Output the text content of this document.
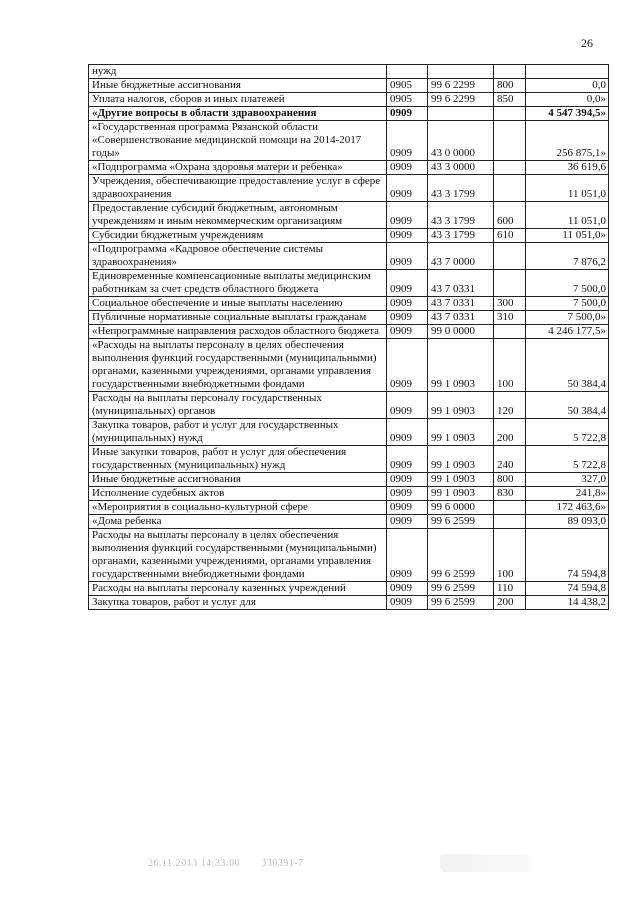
26
нужд				
Иные бюджетные ассигнования	0905	99 6 2299	800	0,0
Уплата налогов, сборов и иных платежей	0905	99 6 2299	850	0,0»
«Другие вопросы в области здравоохранения	0909			4 547 394,5»
«Государственная программа Рязанской области «Совершенствование медицинской помощи на 2014-2017 годы»	0909	43 0 0000		256 875,1»
«Подпрограмма «Охрана здоровья матери и ребенка»	0909	43 3 0000		36 619,6
Учреждения, обеспечивающие предоставление услуг в сфере здравоохранения	0909	43 3 1799		11 051,0
Предоставление субсидий бюджетным, автономным учреждениям и иным некоммерческим организациям	0909	43 3 1799	600	11 051,0
Субсидии бюджетным учреждениям	0909	43 3 1799	610	11 051,0»
«Подпрограмма «Кадровое обеспечение системы здравоохранения»	0909	43 7 0000		7 876,2
Единовременные компенсационные выплаты медицинским работникам за счет средств областного бюджета	0909	43 7 0331		7 500,0
Социальное обеспечение и иные выплаты населению	0909	43 7 0331	300	7 500,0
Публичные нормативные социальные выплаты гражданам	0909	43 7 0331	310	7 500,0»
«Непрограммные направления расходов областного бюджета	0909	99 0 0000		4 246 177,5»
«Расходы на выплаты персоналу в целях обеспечения выполнения функций государственными (муниципальными) органами, казенными учреждениями, органами управления государственными внебюджетными фондами	0909	99 1 0903	100	50 384,4
Расходы на выплаты персоналу государственных (муниципальных) органов	0909	99 1 0903	120	50 384,4
Закупка товаров, работ и услуг для государственных (муниципальных) нужд	0909	99 1 0903	200	5 722,8
Иные закупки товаров, работ и услуг для обеспечения государственных (муниципальных) нужд	0909	99 1 0903	240	5 722,8
Иные бюджетные ассигнования	0909	99 1 0903	800	327,0
Исполнение судебных актов	0909	99 1 0903	830	241,8»
«Мероприятия в социально-культурной сфере	0909	99 6 0000		172 463,6»
«Дома ребенка	0909	99 6 2599		89 093,0
Расходы на выплаты персоналу в целях обеспечения выполнения функций государственными (муниципальными) органами, казенными учреждениями, органами управления государственными внебюджетными фондами	0909	99 6 2599	100	74 594,8
Расходы на выплаты персоналу казенных учреждений	0909	99 6 2599	110	74 594,8
Закупка товаров, работ и услуг для	0909	99 6 2599	200	14 438,2
26.11.2013 14:33:00 330391-7
